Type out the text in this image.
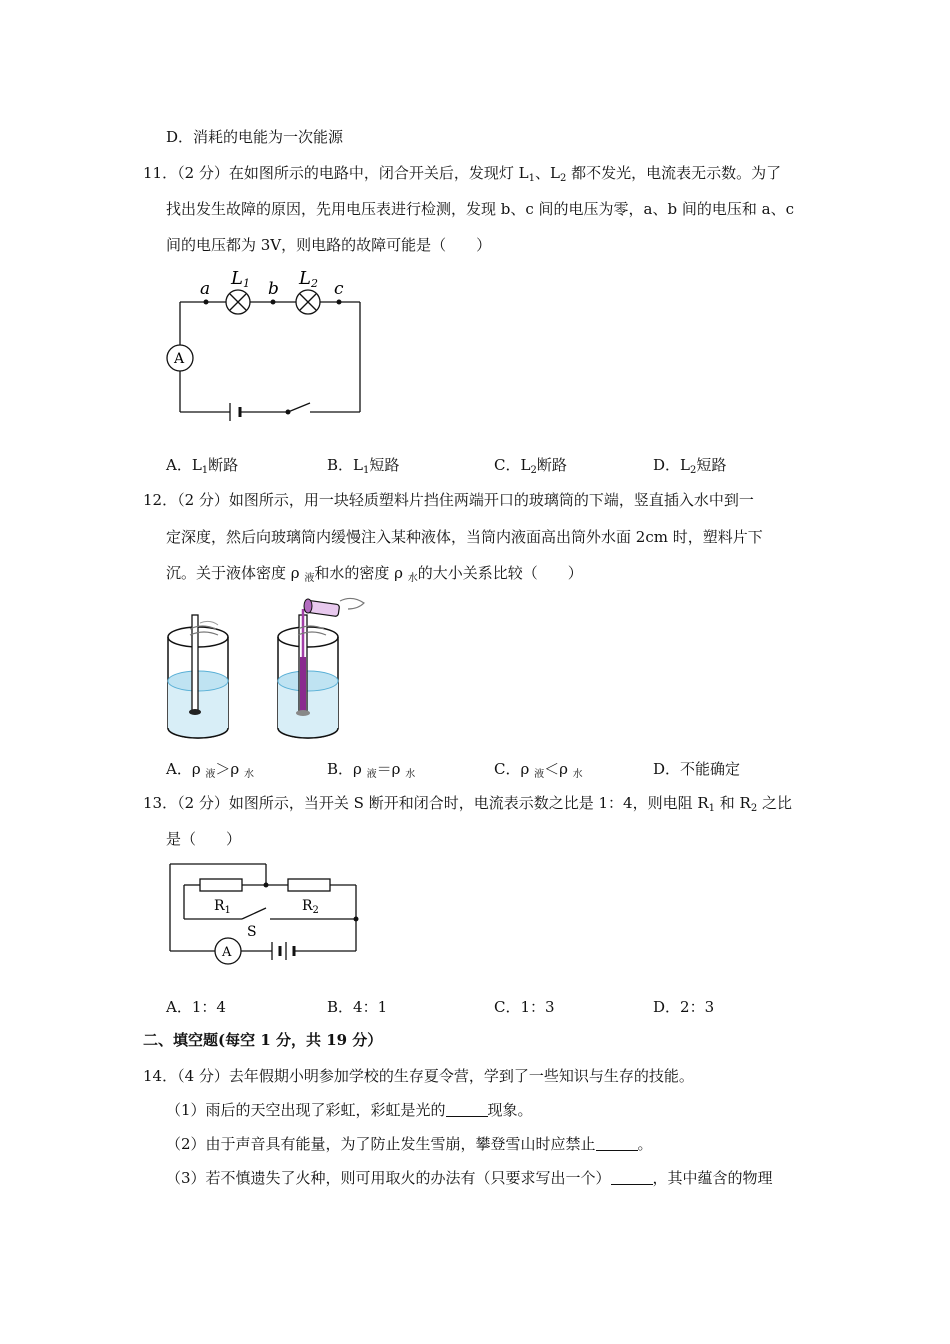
D．消耗的电能为一次能源
11．（2 分）在如图所示的电路中，闭合开关后，发现灯 $L_1$、$L_2$ 都不发光，电流表无示数。为了
找出发生故障的原因，先用电压表进行检测，发现 b、c 间的电压为零，a、b 间的电压和 a、c
间的电压都为 3V，则电路的故障可能是（　　）
a	b	c
L1	L2
A
A．$L_1$断路	B．$L_1$短路	C．$L_2$断路	D．$L_2$短路
12．（2 分）如图所示，用一块轻质塑料片挡住两端开口的玻璃筒的下端，竖直插入水中到一
定深度，然后向玻璃筒内缓慢注入某种液体，当筒内液面高出筒外水面 2cm 时，塑料片下
沉。关于液体密度 ρ $_液$和水的密度 ρ $_水$的大小关系比较（　　）
A．ρ $_液$＞ρ $_水$	B．ρ $_液$＝ρ $_水$	C．ρ $_液$＜ρ $_水$	D．不能确定
13．（2 分）如图所示，当开关 S 断开和闭合时，电流表示数之比是 1：4，则电阻 $R_1$ 和 $R_2$ 之比
是（　　）
$R_1$	$R_2$
S
A
A．1：4	B．4：1	C．1：3	D．2：3
二、填空题(每空 1 分，共 19 分）
14．（4 分）去年假期小明参加学校的生存夏令营，学到了一些知识与生存的技能。
（1）雨后的天空出现了彩虹，彩虹是光的	现象。
（2）由于声音具有能量，为了防止发生雪崩，攀登雪山时应禁止	。
（3）若不慎遗失了火种，则可用取火的办法有（只要求写出一个）	，其中蕴含的物理
